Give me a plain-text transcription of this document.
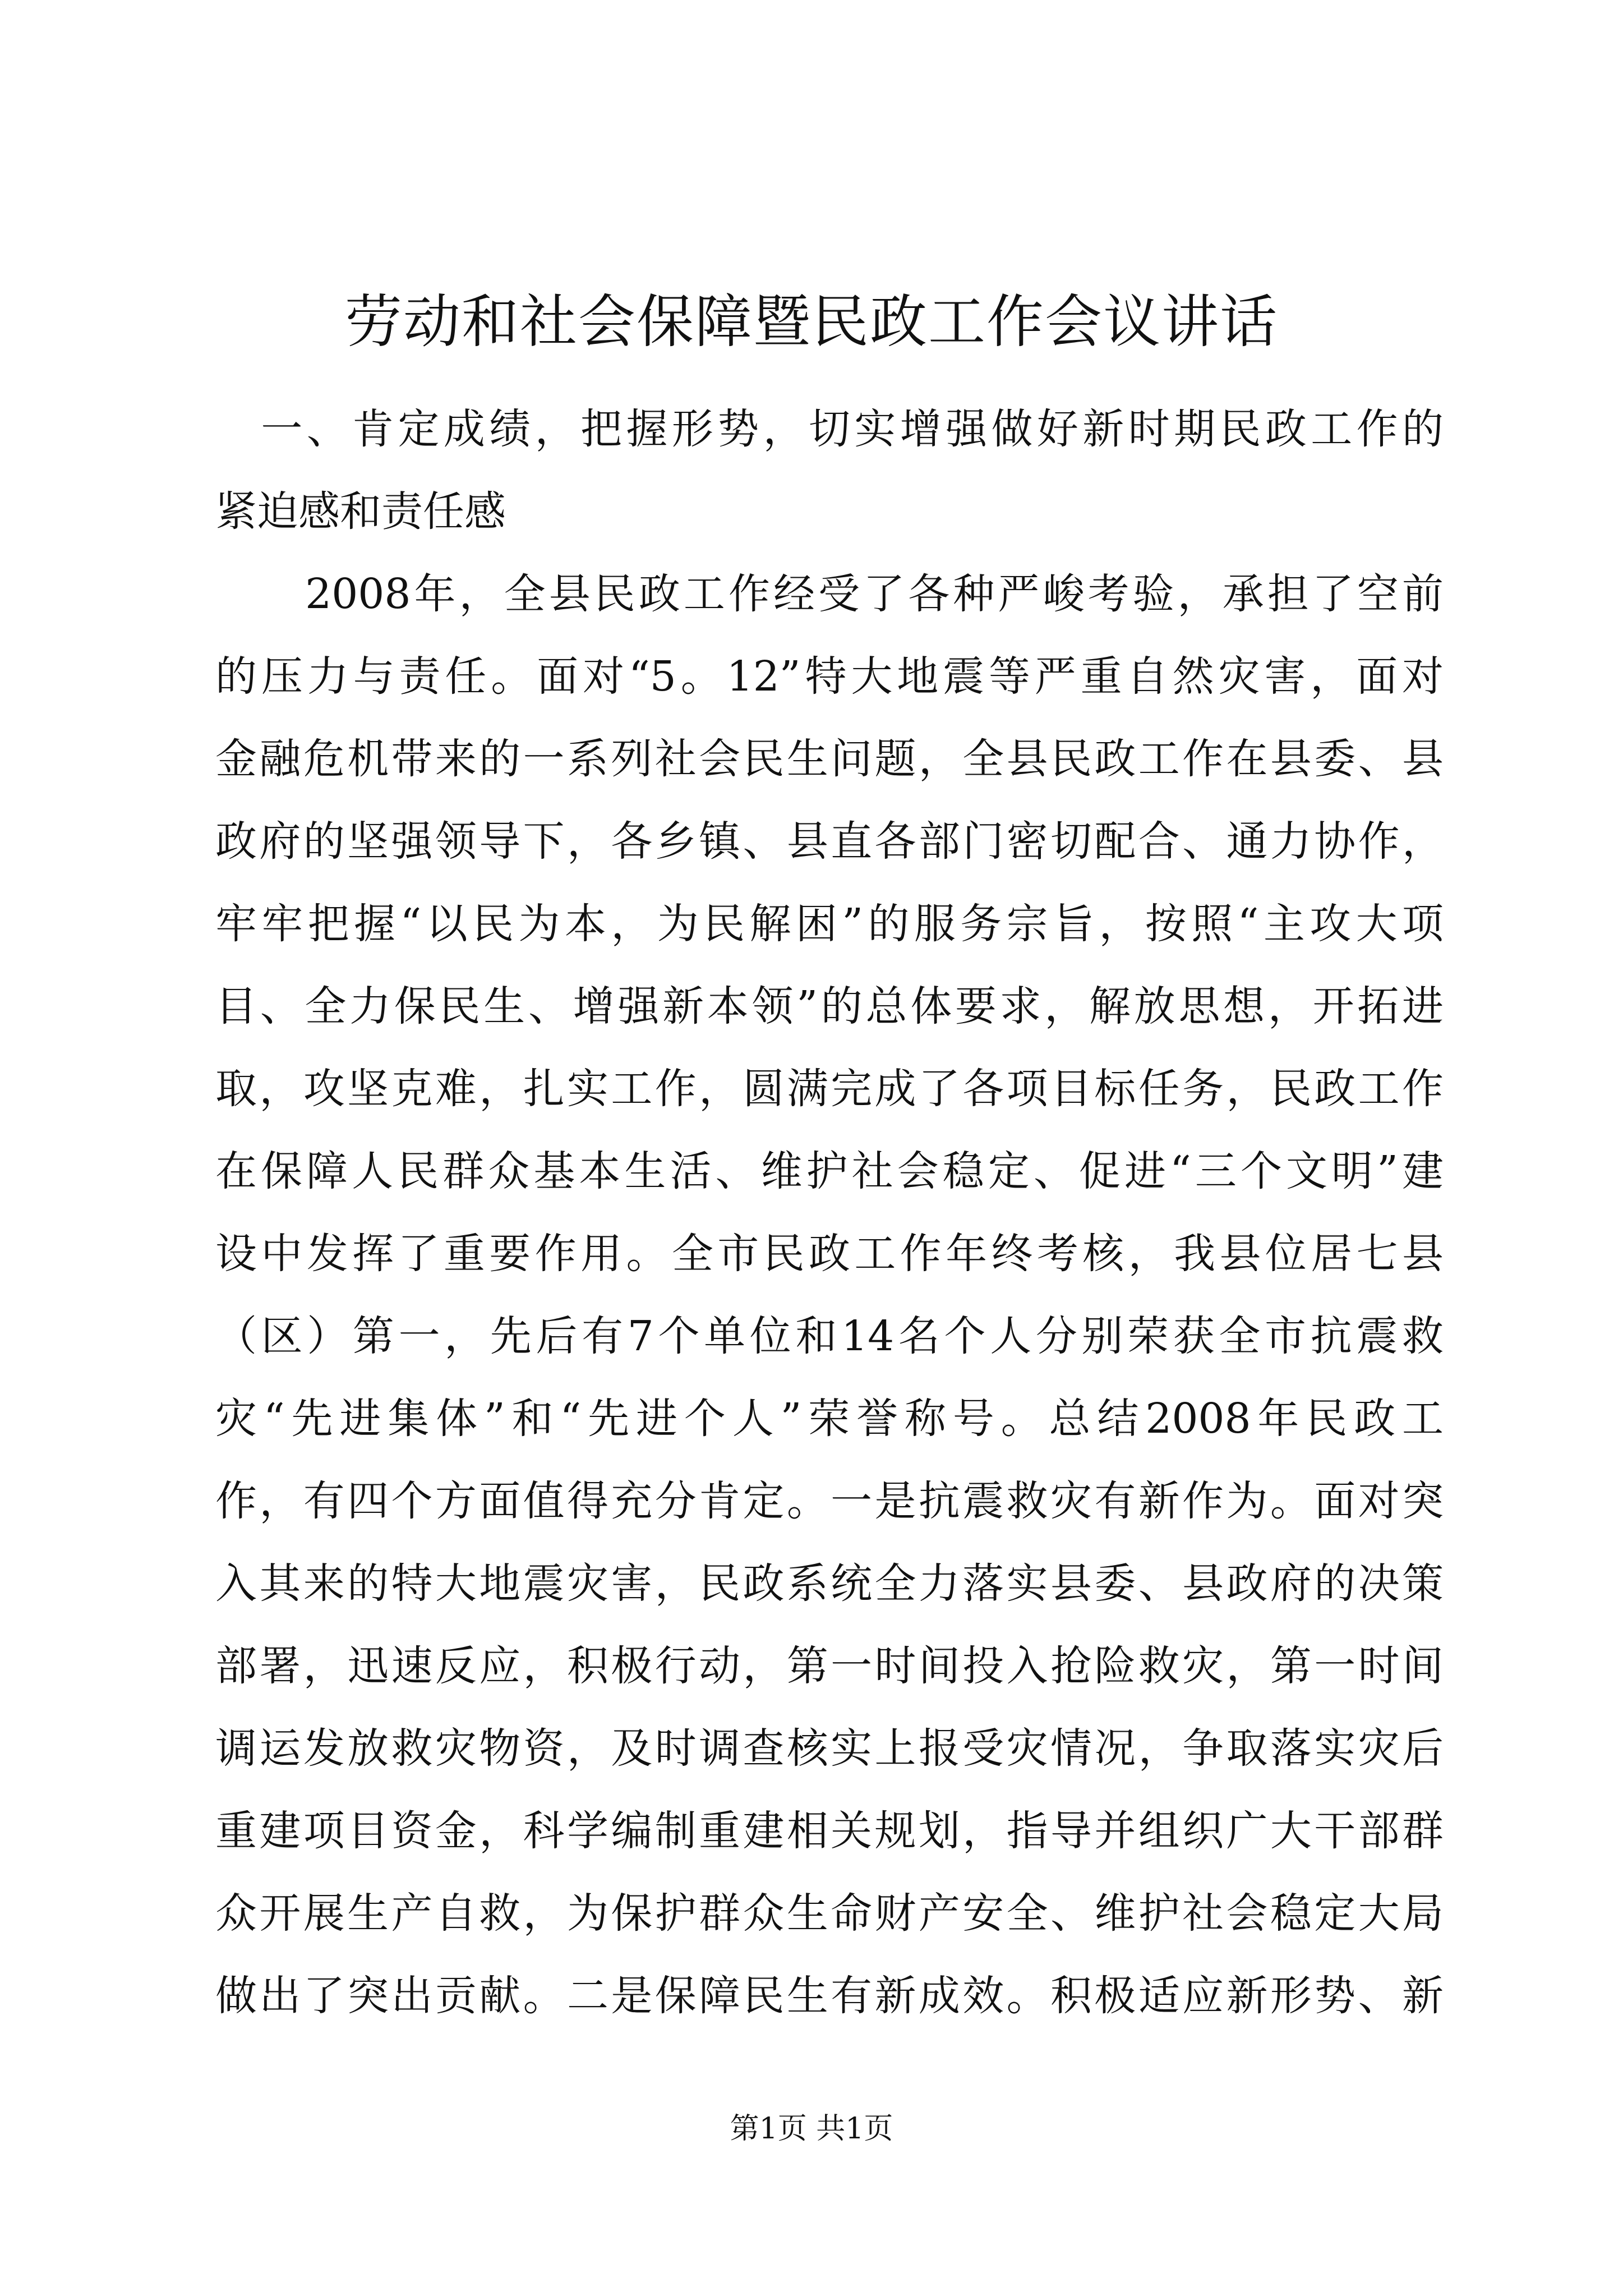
劳动和社会保障暨民政工作会议讲话
　一、肯定成绩，把握形势，切实增强做好新时期民政工作的
紧迫感和责任感
　　2008年，全县民政工作经受了各种严峻考验，承担了空前
的压力与责任。面对“5。12”特大地震等严重自然灾害，面对
金融危机带来的一系列社会民生问题，全县民政工作在县委、县
政府的坚强领导下，各乡镇、县直各部门密切配合、通力协作，
牢牢把握“以民为本，为民解困”的服务宗旨，按照“主攻大项
目、全力保民生、增强新本领”的总体要求，解放思想，开拓进
取，攻坚克难，扎实工作，圆满完成了各项目标任务，民政工作
在保障人民群众基本生活、维护社会稳定、促进“三个文明”建
设中发挥了重要作用。全市民政工作年终考核，我县位居七县
（区）第一，先后有7个单位和14名个人分别荣获全市抗震救
灾“先进集体”和“先进个人”荣誉称号。总结2008年民政工
作，有四个方面值得充分肯定。一是抗震救灾有新作为。面对突
入其来的特大地震灾害，民政系统全力落实县委、县政府的决策
部署，迅速反应，积极行动，第一时间投入抢险救灾，第一时间
调运发放救灾物资，及时调查核实上报受灾情况，争取落实灾后
重建项目资金，科学编制重建相关规划，指导并组织广大干部群
众开展生产自救，为保护群众生命财产安全、维护社会稳定大局
做出了突出贡献。二是保障民生有新成效。积极适应新形势、新
第1页 共1页
